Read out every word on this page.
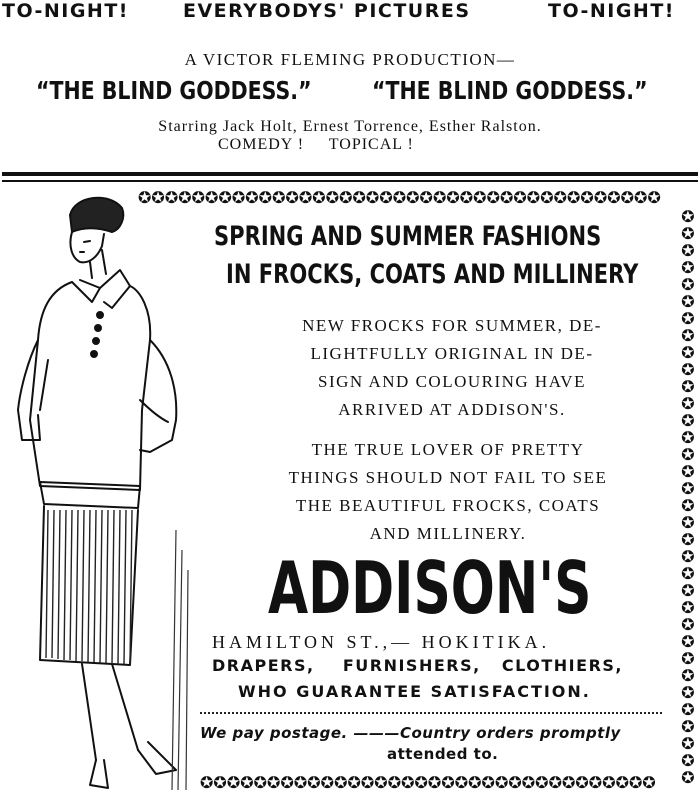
TO-NIGHT!	EVERYBODYS' PICTURES	TO-NIGHT!
A VICTOR FLEMING PRODUCTION—
“THE BLIND GODDESS.” “THE BLIND GODDESS.”
Starring Jack Holt, Ernest Torrence, Esther Ralston.
COMEDY !     TOPICAL !
✪✪✪✪✪✪✪✪✪✪✪✪✪✪✪✪✪✪✪✪✪✪✪✪✪✪✪✪✪✪✪✪✪✪✪✪✪✪✪
✪
✪
✪
✪
✪
✪
✪
✪
✪
✪
✪
✪
✪
✪
✪
✪
✪
✪
✪
✪
✪
✪
✪
✪
✪
✪
✪
✪
✪
✪
✪
✪
✪
✪
✪✪✪✪✪✪✪✪✪✪✪✪✪✪✪✪✪✪✪✪✪✪✪✪✪✪✪✪✪✪✪✪✪✪
SPRING AND SUMMER FASHIONS
IN FROCKS, COATS AND MILLINERY
NEW FROCKS FOR SUMMER, DE-
LIGHTFULLY ORIGINAL IN DE-
SIGN AND COLOURING HAVE
ARRIVED AT ADDISON'S.
THE TRUE LOVER OF PRETTY
THINGS SHOULD NOT FAIL TO SEE
THE BEAUTIFUL FROCKS, COATS
AND MILLINERY.
ADDISON'S
HAMILTON ST.,— HOKITIKA.
DRAPERS,    FURNISHERS,   CLOTHIERS,
WHO GUARANTEE SATISFACTION.
We pay postage. ———Country orders promptly
attended to.
